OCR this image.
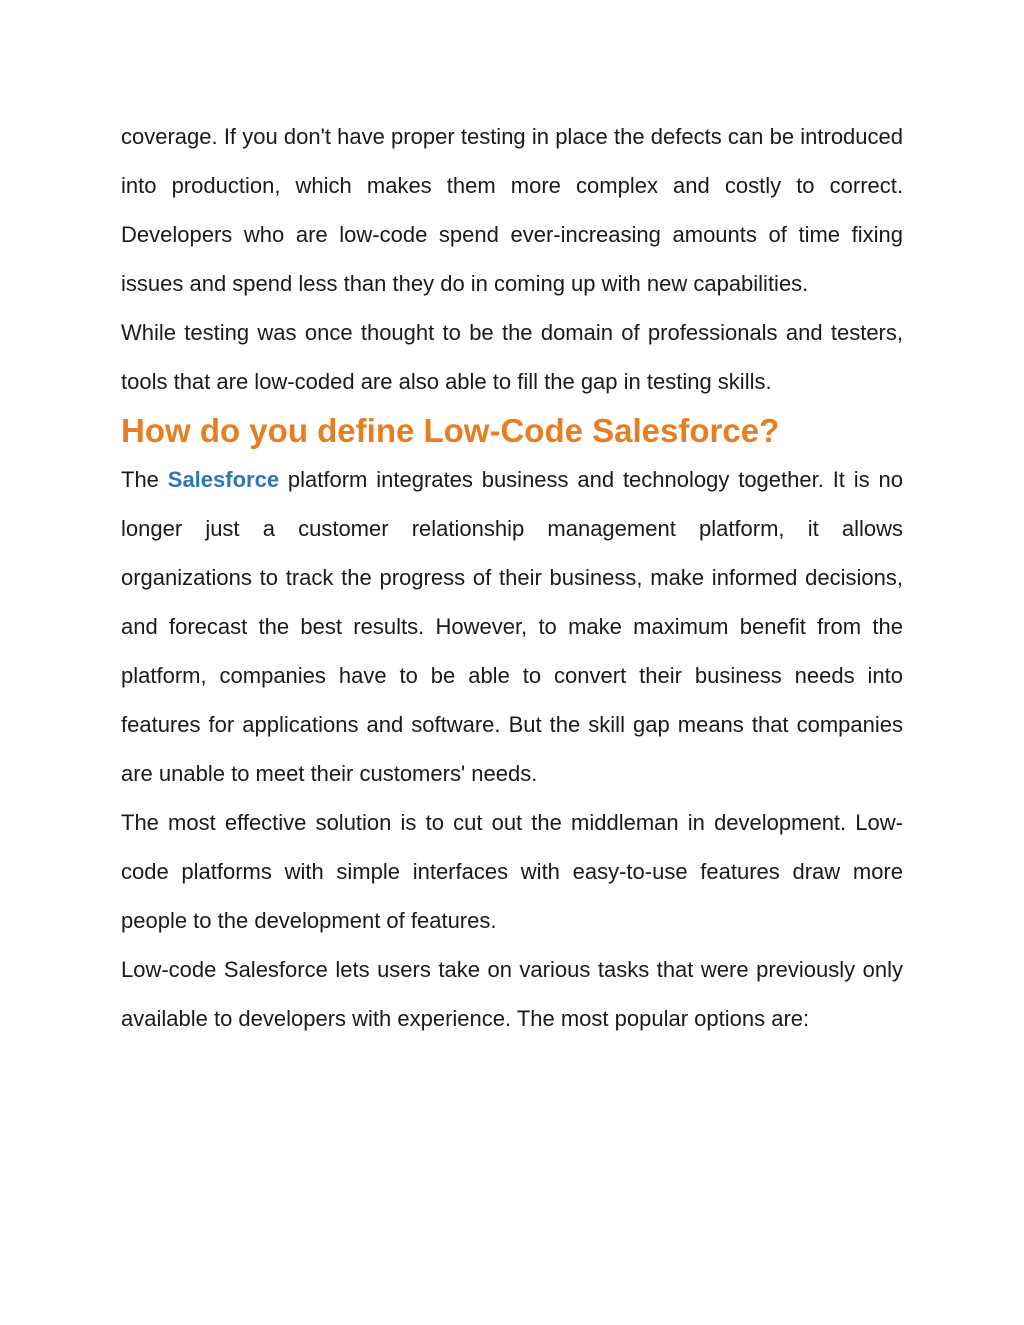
coverage. If you don't have proper testing in place the defects can be introduced into production, which makes them more complex and costly to correct. Developers who are low-code spend ever-increasing amounts of time fixing issues and spend less than they do in coming up with new capabilities.

While testing was once thought to be the domain of professionals and testers, tools that are low-coded are also able to fill the gap in testing skills.

How do you define Low-Code Salesforce?

The Salesforce platform integrates business and technology together. It is no longer just a customer relationship management platform, it allows organizations to track the progress of their business, make informed decisions, and forecast the best results. However, to make maximum benefit from the platform, companies have to be able to convert their business needs into features for applications and software. But the skill gap means that companies are unable to meet their customers' needs.

The most effective solution is to cut out the middleman in development. Low-code platforms with simple interfaces with easy-to-use features draw more people to the development of features.

Low-code Salesforce lets users take on various tasks that were previously only available to developers with experience. The most popular options are:
